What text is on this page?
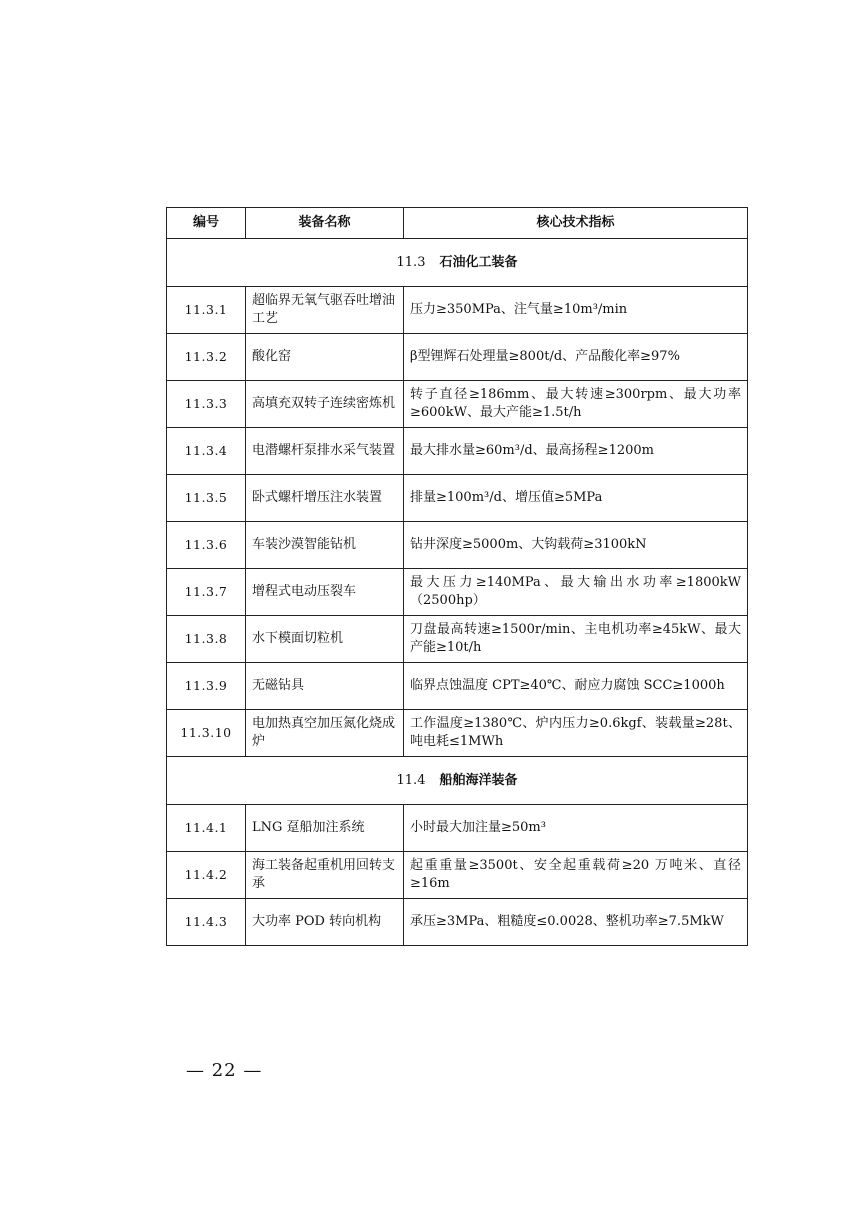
编号	装备名称	核心技术指标
11.3 石油化工装备		
11.3.1	超临界无氧气驱吞吐增油工艺	压力≥350MPa、注气量≥10m³/min
11.3.2	酸化窑	β型锂辉石处理量≥800t/d、产品酸化率≥97%
11.3.3	高填充双转子连续密炼机	转子直径≥186mm、最大转速≥300rpm、最大功率≥600kW、最大产能≥1.5t/h
11.3.4	电潜螺杆泵排水采气装置	最大排水量≥60m³/d、最高扬程≥1200m
11.3.5	卧式螺杆增压注水装置	排量≥100m³/d、增压值≥5MPa
11.3.6	车装沙漠智能钻机	钻井深度≥5000m、大钩载荷≥3100kN
11.3.7	增程式电动压裂车	最大压力≥140MPa、最大输出水功率≥1800kW（2500hp）
11.3.8	水下模面切粒机	刀盘最高转速≥1500r/min、主电机功率≥45kW、最大产能≥10t/h
11.3.9	无磁钻具	临界点蚀温度 CPT≥40℃、耐应力腐蚀 SCC≥1000h
11.3.10	电加热真空加压氮化烧成炉	工作温度≥1380℃、炉内压力≥0.6kgf、装载量≥28t、吨电耗≤1MWh
11.4 船舶海洋装备		
11.4.1	LNG 趸船加注系统	小时最大加注量≥50m³
11.4.2	海工装备起重机用回转支承	起重重量≥3500t、安全起重载荷≥20 万吨米、直径≥16m
11.4.3	大功率 POD 转向机构	承压≥3MPa、粗糙度≤0.0028、整机功率≥7.5MkW
— 22 —
